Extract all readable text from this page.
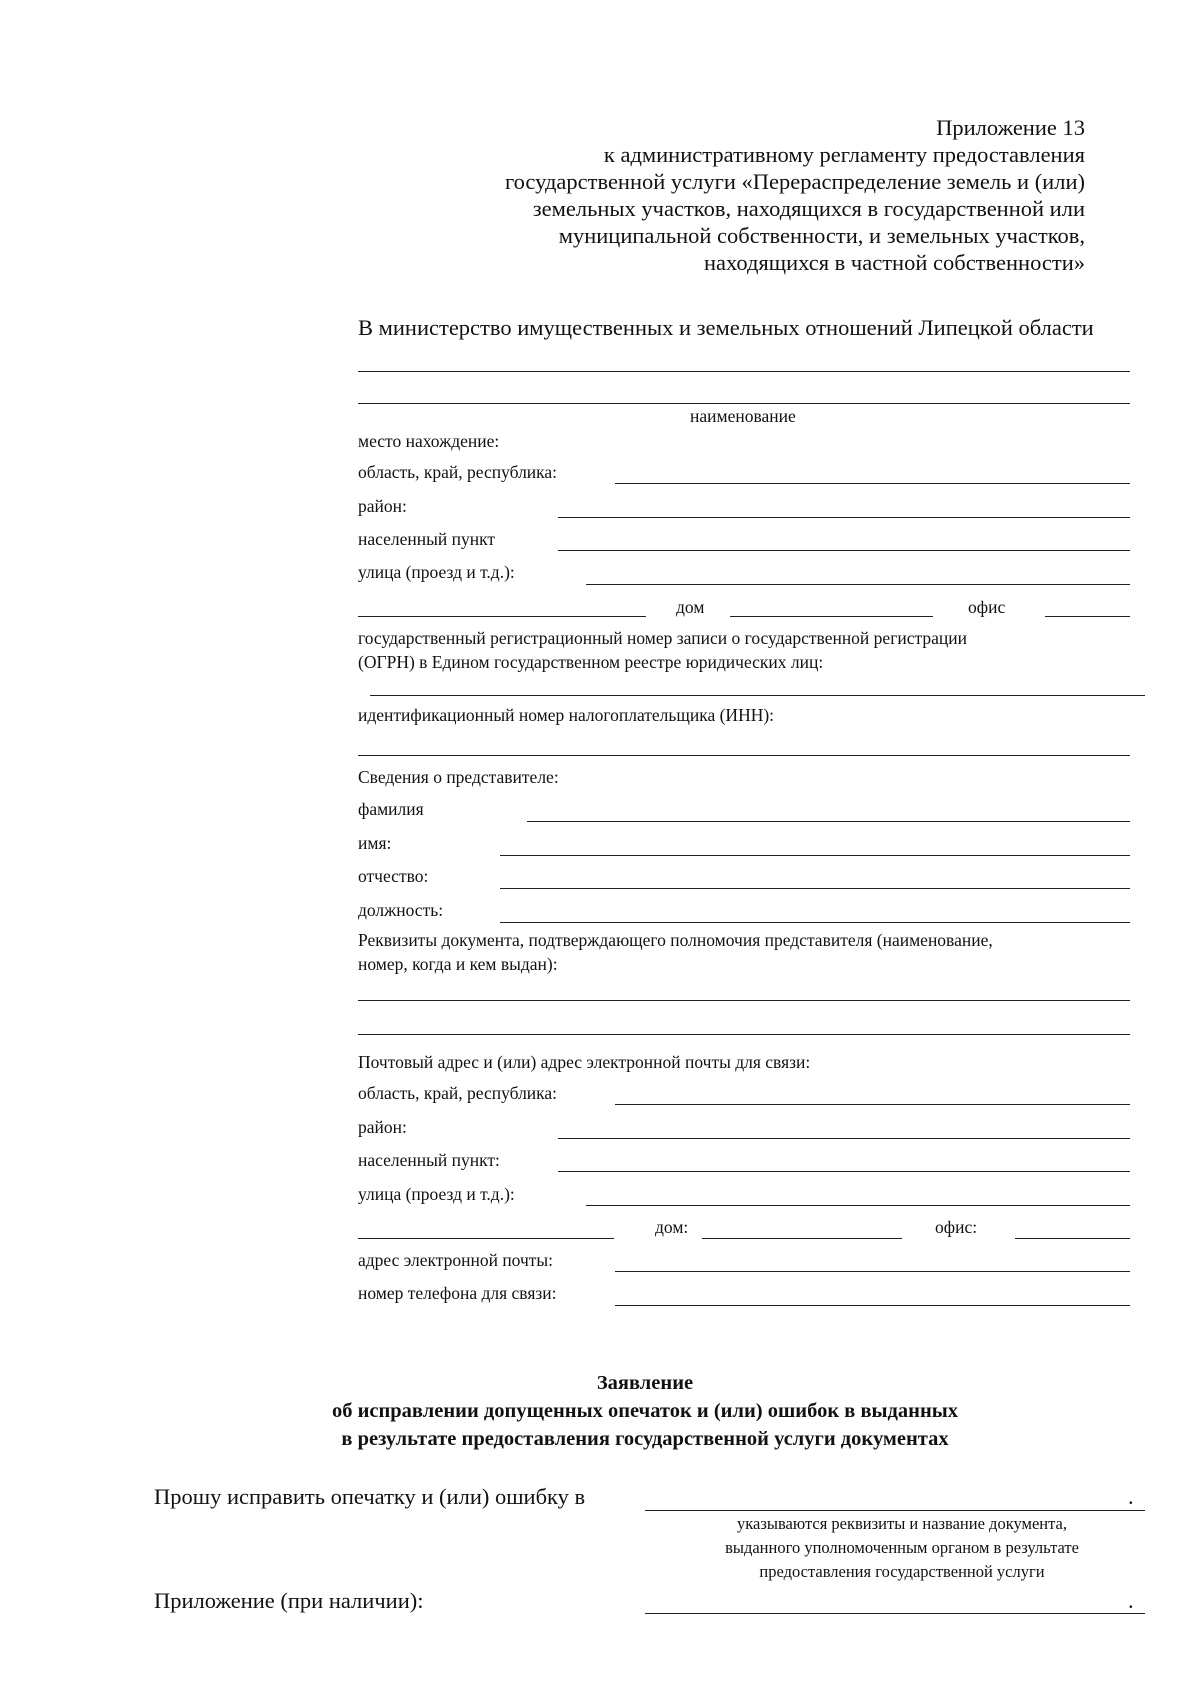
Приложение 13
к административному регламенту предоставления
государственной услуги «Перераспределение земель и (или)
земельных участков, находящихся в государственной или
муниципальной собственности, и земельных участков,
находящихся в частной собственности»
В министерство имущественных и земельных отношений Липецкой области
наименование
место нахождение:
область, край, республика:
район:
населенный пункт
улица (проезд и т.д.):
дом	офис
государственный регистрационный номер записи о государственной регистрации
(ОГРН) в Едином государственном реестре юридических лиц:
идентификационный номер налогоплательщика (ИНН):
Сведения о представителе:
фамилия
имя:
отчество:
должность:
Реквизиты документа, подтверждающего полномочия представителя (наименование,
номер, когда и кем выдан):
Почтовый адрес и (или) адрес электронной почты для связи:
область, край, республика:
район:
населенный пункт:
улица (проезд и т.д.):
дом:	офис:
адрес электронной почты:
номер телефона для связи:
Заявление
об исправлении допущенных опечаток и (или) ошибок в выданных
в результате предоставления государственной услуги документах
Прошу исправить опечатку и (или) ошибку в	.
указываются реквизиты и название документа,
выданного уполномоченным органом в результате
предоставления государственной услуги
Приложение (при наличии):	.
